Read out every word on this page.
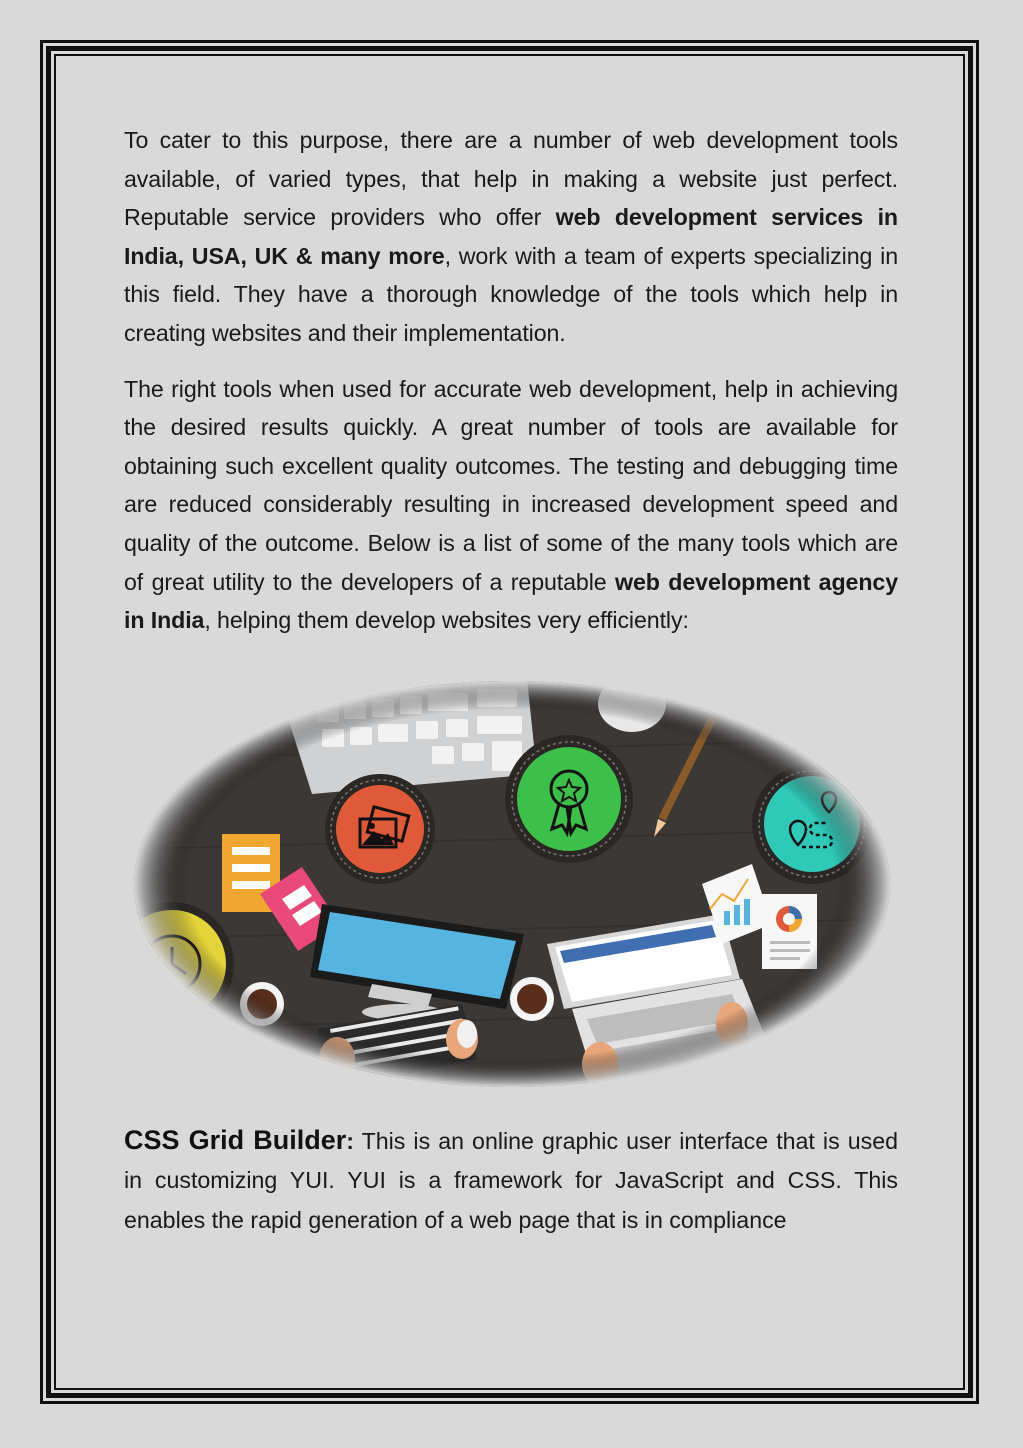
To cater to this purpose, there are a number of web development tools available, of varied types, that help in making a website just perfect. Reputable service providers who offer web development services in India, USA, UK & many more, work with a team of experts specializing in this field. They have a thorough knowledge of the tools which help in creating websites and their implementation.

The right tools when used for accurate web development, help in achieving the desired results quickly. A great number of tools are available for obtaining such excellent quality outcomes. The testing and debugging time are reduced considerably resulting in increased development speed and quality of the outcome. Below is a list of some of the many tools which are of great utility to the developers of a reputable web development agency in India, helping them develop websites very efficiently:

CSS Grid Builder: This is an online graphic user interface that is used in customizing YUI. YUI is a framework for JavaScript and CSS. This enables the rapid generation of a web page that is in compliance
